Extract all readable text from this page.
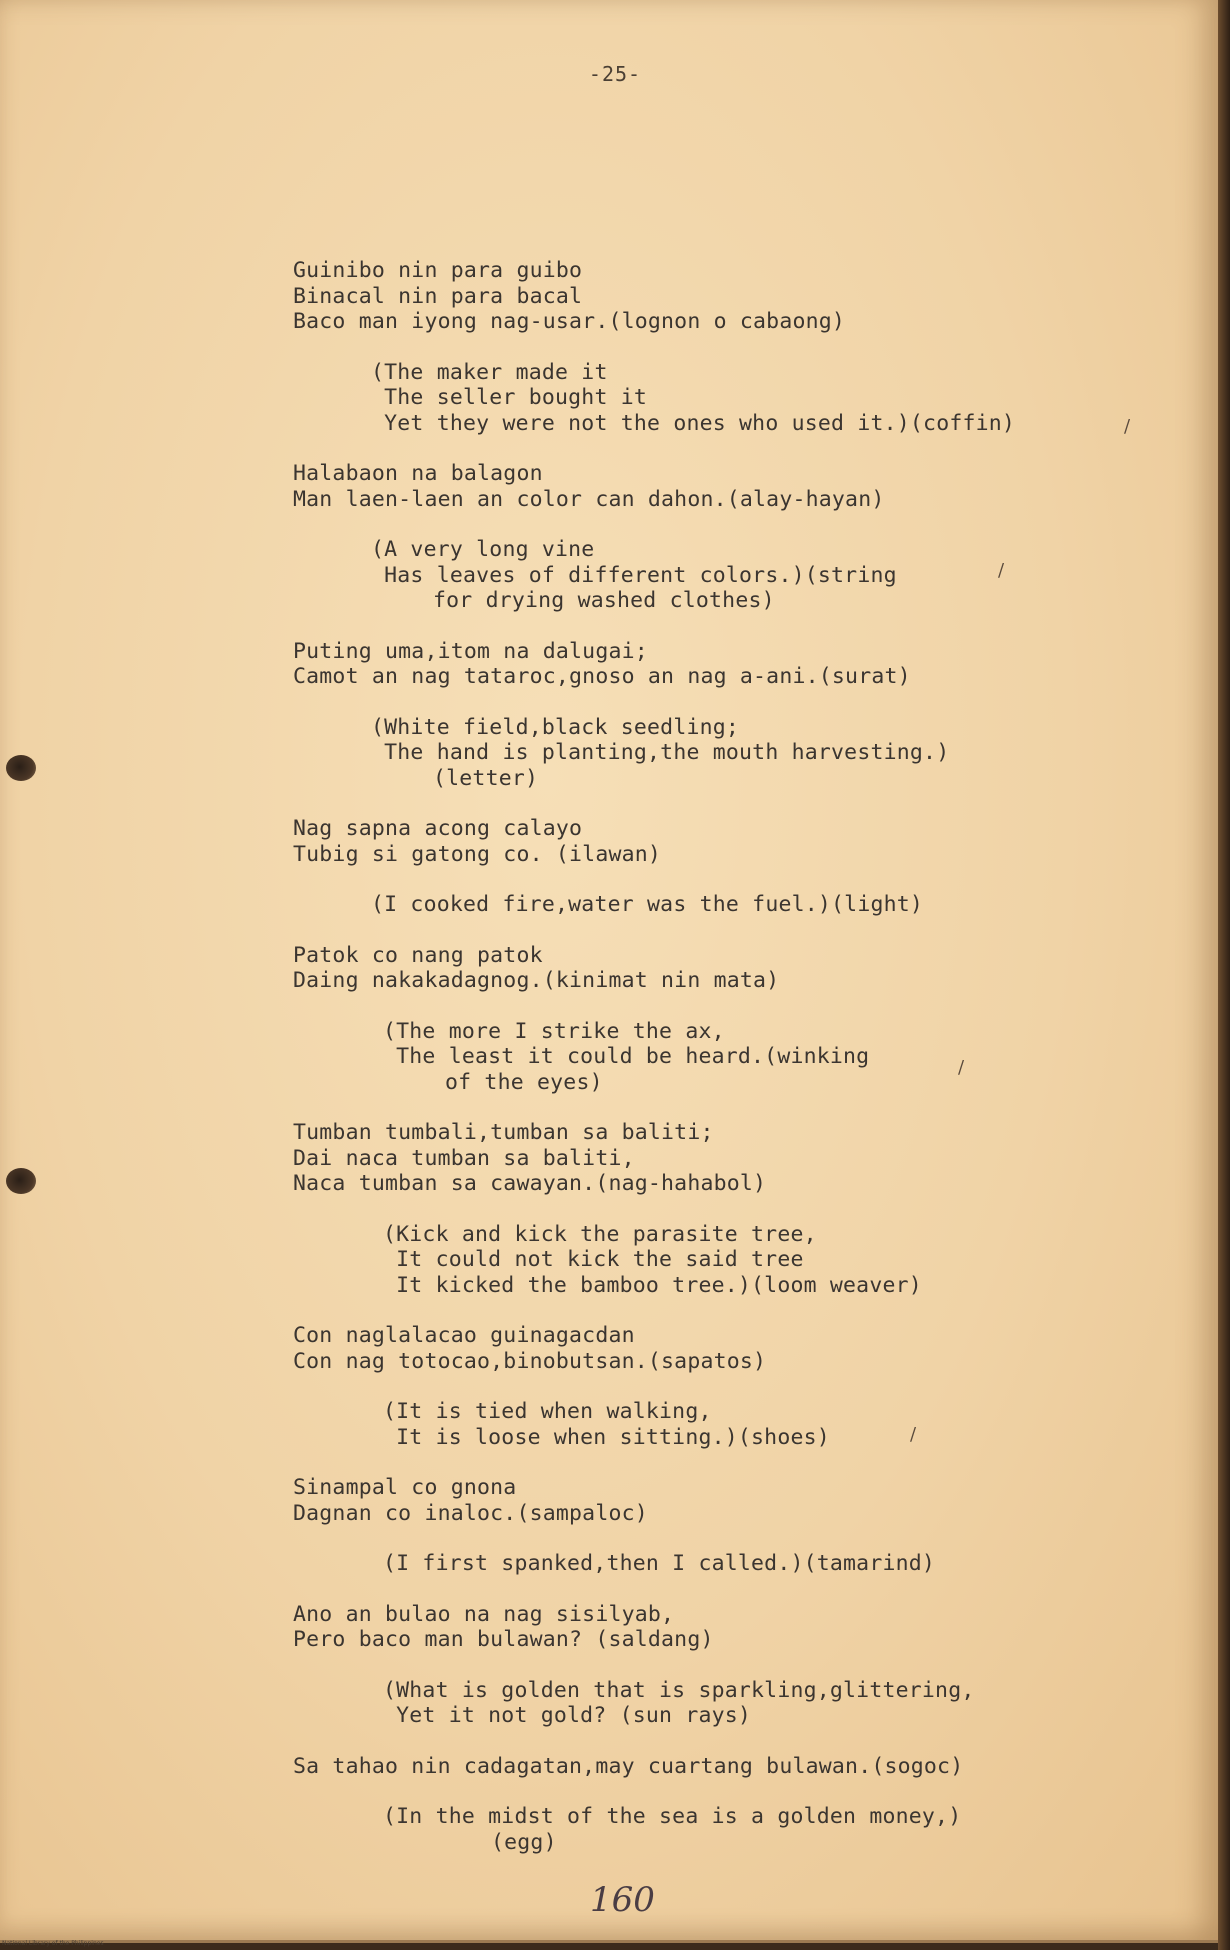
-25-
Guinibo nin para guibo
Binacal nin para bacal
Baco man iyong nag-usar.(lognon o cabaong)
(The maker made it
The seller bought it
Yet they were not the ones who used it.)(coffin)
Halabaon na balagon
Man laen-laen an color can dahon.(alay-hayan)
(A very long vine
Has leaves of different colors.)(string
for drying washed clothes)
Puting uma,itom na dalugai;
Camot an nag tataroc,gnoso an nag a-ani.(surat)
(White field,black seedling;
The hand is planting,the mouth harvesting.)
(letter)
Nag sapna acong calayo
Tubig si gatong co. (ilawan)
(I cooked fire,water was the fuel.)(light)
Patok co nang patok
Daing nakakadagnog.(kinimat nin mata)
(The more I strike the ax,
The least it could be heard.(winking
of the eyes)
Tumban tumbali,tumban sa baliti;
Dai naca tumban sa baliti,
Naca tumban sa cawayan.(nag-hahabol)
(Kick and kick the parasite tree,
It could not kick the said tree
It kicked the bamboo tree.)(loom weaver)
Con naglalacao guinagacdan
Con nag totocao,binobutsan.(sapatos)
(It is tied when walking,
It is loose when sitting.)(shoes)
Sinampal co gnona
Dagnan co inaloc.(sampaloc)
(I first spanked,then I called.)(tamarind)
Ano an bulao na nag sisilyab,
Pero baco man bulawan? (saldang)
(What is golden that is sparkling,glittering,
Yet it not gold? (sun rays)
Sa tahao nin cadagatan,may cuartang bulawan.(sogoc)
(In the midst of the sea is a golden money,)
(egg)
/
/
/
/
160
National Library of the Philippines
